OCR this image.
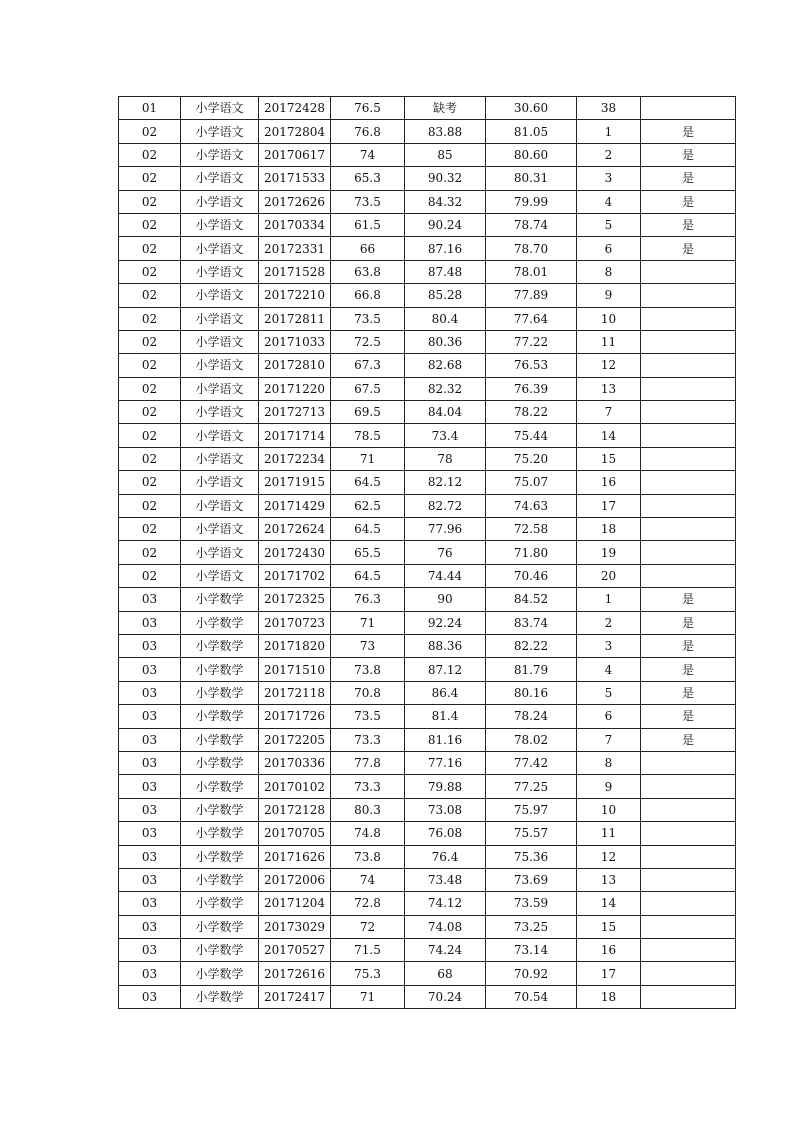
01	小学语文	20172428	76.5	缺考	30.60	38	
02	小学语文	20172804	76.8	83.88	81.05	1	是
02	小学语文	20170617	74	85	80.60	2	是
02	小学语文	20171533	65.3	90.32	80.31	3	是
02	小学语文	20172626	73.5	84.32	79.99	4	是
02	小学语文	20170334	61.5	90.24	78.74	5	是
02	小学语文	20172331	66	87.16	78.70	6	是
02	小学语文	20171528	63.8	87.48	78.01	8	
02	小学语文	20172210	66.8	85.28	77.89	9	
02	小学语文	20172811	73.5	80.4	77.64	10	
02	小学语文	20171033	72.5	80.36	77.22	11	
02	小学语文	20172810	67.3	82.68	76.53	12	
02	小学语文	20171220	67.5	82.32	76.39	13	
02	小学语文	20172713	69.5	84.04	78.22	7	
02	小学语文	20171714	78.5	73.4	75.44	14	
02	小学语文	20172234	71	78	75.20	15	
02	小学语文	20171915	64.5	82.12	75.07	16	
02	小学语文	20171429	62.5	82.72	74.63	17	
02	小学语文	20172624	64.5	77.96	72.58	18	
02	小学语文	20172430	65.5	76	71.80	19	
02	小学语文	20171702	64.5	74.44	70.46	20	
03	小学数学	20172325	76.3	90	84.52	1	是
03	小学数学	20170723	71	92.24	83.74	2	是
03	小学数学	20171820	73	88.36	82.22	3	是
03	小学数学	20171510	73.8	87.12	81.79	4	是
03	小学数学	20172118	70.8	86.4	80.16	5	是
03	小学数学	20171726	73.5	81.4	78.24	6	是
03	小学数学	20172205	73.3	81.16	78.02	7	是
03	小学数学	20170336	77.8	77.16	77.42	8	
03	小学数学	20170102	73.3	79.88	77.25	9	
03	小学数学	20172128	80.3	73.08	75.97	10	
03	小学数学	20170705	74.8	76.08	75.57	11	
03	小学数学	20171626	73.8	76.4	75.36	12	
03	小学数学	20172006	74	73.48	73.69	13	
03	小学数学	20171204	72.8	74.12	73.59	14	
03	小学数学	20173029	72	74.08	73.25	15	
03	小学数学	20170527	71.5	74.24	73.14	16	
03	小学数学	20172616	75.3	68	70.92	17	
03	小学数学	20172417	71	70.24	70.54	18	
